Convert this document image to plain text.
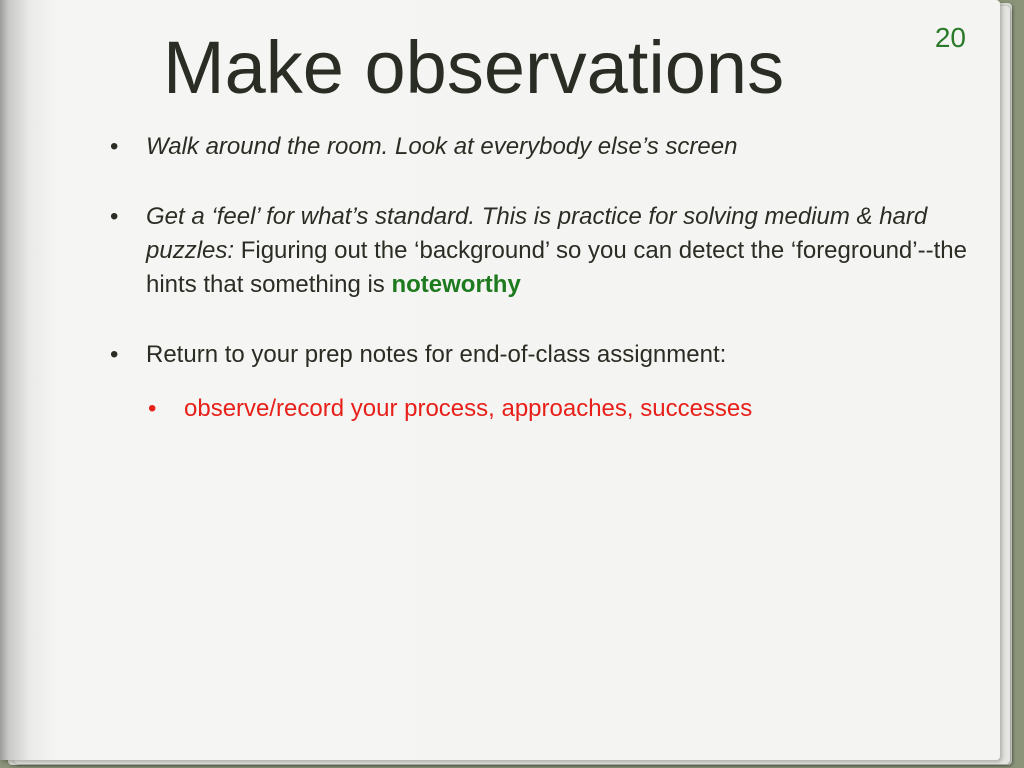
Make observations	20
• Walk around the room. Look at everybody else’s screen
• Get a ‘feel’ for what’s standard. This is practice for solving medium & hard puzzles: Figuring out the ‘background’ so you can detect the ‘foreground’--the hints that something is noteworthy
• Return to your prep notes for end-of-class assignment:
• observe/record your process, approaches, successes
